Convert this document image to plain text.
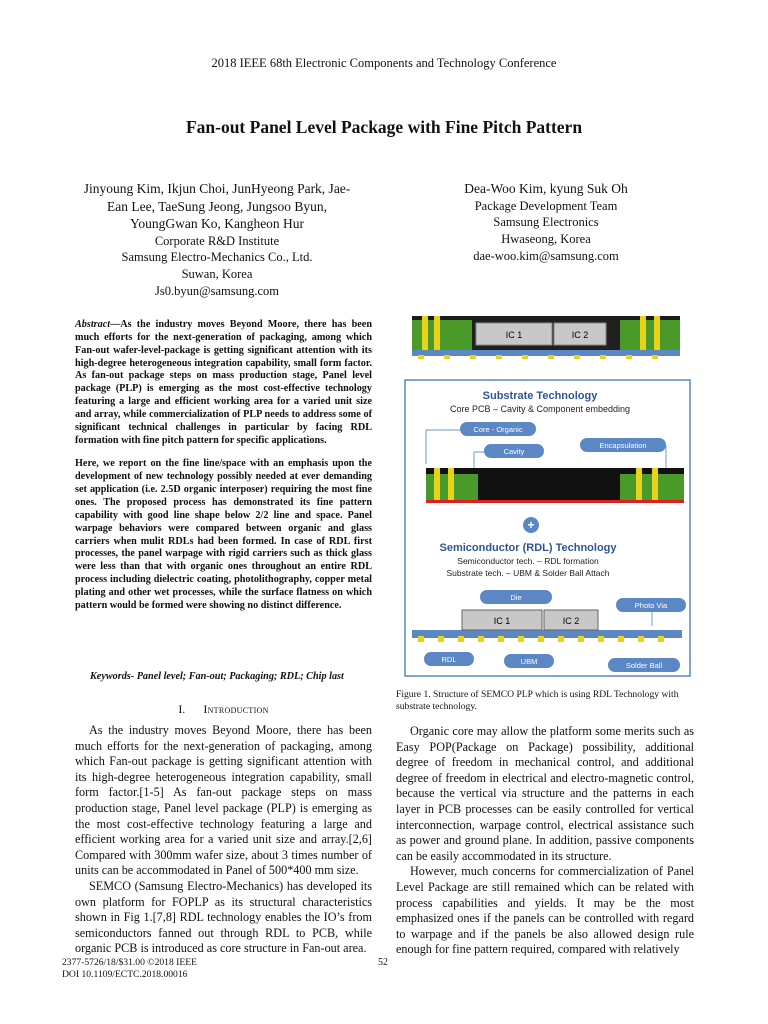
2018 IEEE 68th Electronic Components and Technology Conference
Fan-out Panel Level Package with Fine Pitch Pattern
Jinyoung Kim, Ikjun Choi, JunHyeong Park, Jae-
Ean Lee, TaeSung Jeong, Jungsoo Byun,
YoungGwan Ko, Kangheon Hur
Corporate R&D Institute
Samsung Electro-Mechanics Co., Ltd.
Suwan, Korea
Js0.byun@samsung.com
Dea-Woo Kim, kyung Suk Oh
Package Development Team
Samsung Electronics
Hwaseong, Korea
dae-woo.kim@samsung.com

Abstract—As the industry moves Beyond Moore, there has been much efforts for the next-generation of packaging, among which Fan-out wafer-level-package is getting significant attention with its high-degree heterogeneous integration capability, small form factor. As fan-out package steps on mass production stage, Panel level package (PLP) is emerging as the most cost-effective technology featuring a large and efficient working area for a varied unit size and array, while commercialization of PLP needs to address some of significant technical challenges in particular by facing RDL formation with fine pitch pattern for specific applications.

Here, we report on the fine line/space with an emphasis upon the development of new technology possibly needed at ever demanding set application (i.e. 2.5D organic interposer) requiring the most fine ones. The proposed process has demonstrated its fine pattern capability with good line shape below 2/2 line and space. Panel warpage behaviors were compared between organic and glass carriers when mulit RDLs had been formed. In case of RDL first processes, the panel warpage with rigid carriers such as thick glass were less than that with organic ones throughout an entire RDL process including dielectric coating, photolithography, copper metal plating and other wet processes, while the surface flatness on which pattern would be formed were showing no distinct difference.

Keywords- Panel level; Fan-out; Packaging; RDL; Chip last
I. Introduction

As the industry moves Beyond Moore, there has been much efforts for the next-generation of packaging, among which Fan-out package is getting significant attention with its high-degree heterogeneous integration capability, small form factor.[1-5] As fan-out package steps on mass production stage, Panel level package (PLP) is emerging as the most cost-effective technology featuring a large and efficient working area for a varied unit size and array.[2,6] Compared with 300mm wafer size, about 3 times number of units can be accommodated in Panel of 500*400 mm size.

SEMCO (Samsung Electro-Mechanics) has developed its own platform for FOPLP as its structural characteristics shown in Fig 1.[7,8] RDL technology enables the IO’s from semiconductors fanned out through RDL to PCB, while organic PCB is introduced as core structure in Fan-out area.

Organic core may allow the platform some merits such as Easy POP(Package on Package) possibility, additional degree of freedom in mechanical control, and additional degree of freedom in electrical and electro-magnetic control, because the vertical via structure and the patterns in each layer in PCB processes can be easily controlled for vertical interconnection, warpage control, electrical assistance such as power and ground plane. In addition, passive components can be easily accommodated in its structure.

However, much concerns for commercialization of Panel Level Package are still remained which can be related with process capabilities and yields. It may be the most emphasized ones if the panels can be controlled with regard to warpage and if the panels be also allowed design rule enough for fine pattern required, compared with relatively

IC 1	IC 2
Substrate Technology
Core PCB – Cavity & Component embedding
Core - Organic
Cavity
Encapsulation
+
Semiconductor (RDL) Technology
Semiconductor tech. – RDL formation
Substrate tech. – UBM & Solder Ball Attach
Die
Photo Via
IC 1	IC 2
RDL	UBM	Solder Ball
Figure 1. Structure of SEMCO PLP which is using RDL Technology with substrate technology.
2377-5726/18/$31.00 ©2018 IEEE
DOI 10.1109/ECTC.2018.00016
52
